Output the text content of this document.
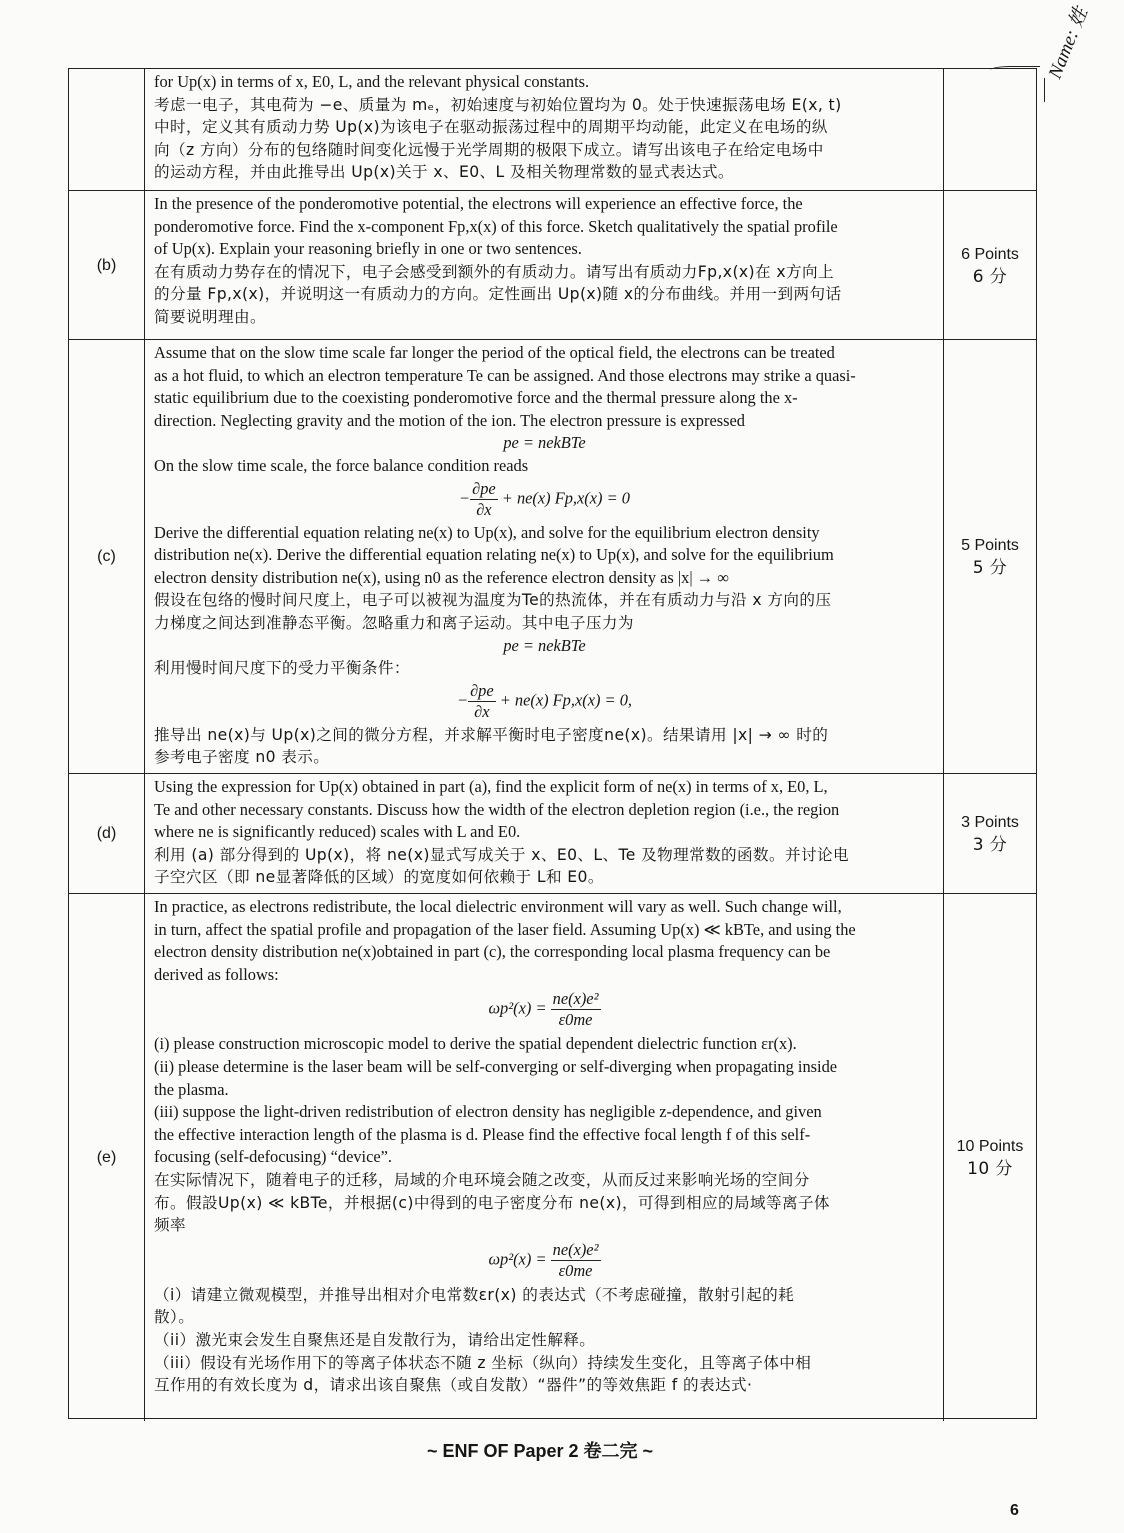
Name: 姓

for Up(x) in terms of x, E0, L, and the relevant physical constants.

考虑一电子，其电荷为 −e、质量为 mₑ，初始速度与初始位置均为 0。处于快速振荡电场 E(x, t)

中时，定义其有质动力势 Up(x)为该电子在驱动振荡过程中的周期平均动能，此定义在电场的纵

向（z 方向）分布的包络随时间变化远慢于光学周期的极限下成立。请写出该电子在给定电场中

的运动方程，并由此推导出 Up(x)关于 x、E0、L 及相关物理常数的显式表达式。

(b)

In the presence of the ponderomotive potential, the electrons will experience an effective force, the

ponderomotive force. Find the x-component Fp,x(x) of this force. Sketch qualitatively the spatial profile

of Up(x). Explain your reasoning briefly in one or two sentences.

在有质动力势存在的情况下，电子会感受到额外的有质动力。请写出有质动力Fp,x(x)在 x方向上

的分量 Fp,x(x)，并说明这一有质动力的方向。定性画出 Up(x)随 x的分布曲线。并用一到两句话

简要说明理由。

6 Points
6 分
(c)

Assume that on the slow time scale far longer the period of the optical field, the electrons can be treated

as a hot fluid, to which an electron temperature Te can be assigned. And those electrons may strike a quasi-

static equilibrium due to the coexisting ponderomotive force and the thermal pressure along the x-

direction. Neglecting gravity and the motion of the ion. The electron pressure is expressed

pe = nekBTe

On the slow time scale, the force balance condition reads

− $\frac{\partial pe}{\partial x} + ne(x) Fp,x(x) = 0$

Derive the differential equation relating ne(x) to Up(x), and solve for the equilibrium electron density

distribution ne(x). Derive the differential equation relating ne(x) to Up(x), and solve for the equilibrium

electron density distribution ne(x), using n0 as the reference electron density as |x| → ∞

假设在包络的慢时间尺度上，电子可以被视为温度为Te的热流体，并在有质动力与沿 x 方向的压

力梯度之间达到准静态平衡。忽略重力和离子运动。其中电子压力为

pe = nekBTe

利用慢时间尺度下的受力平衡条件：

− $\frac{\partial pe}{\partial x} + ne(x) Fp,x(x) = 0$,

推导出 ne(x)与 Up(x)之间的微分方程，并求解平衡时电子密度ne(x)。结果请用 |x| → ∞ 时的

参考电子密度 n0 表示。

5 Points
5 分
(d)

Using the expression for Up(x) obtained in part (a), find the explicit form of ne(x) in terms of x, E0, L,

Te and other necessary constants. Discuss how the width of the electron depletion region (i.e., the region

where ne is significantly reduced) scales with L and E0.

利用 (a) 部分得到的 Up(x)，将 ne(x)显式写成关于 x、E0、L、Te 及物理常数的函数。并讨论电

子空穴区（即 ne显著降低的区域）的宽度如何依赖于 L和 E0。

3 Points
3 分
(e)

In practice, as electrons redistribute, the local dielectric environment will vary as well. Such change will,

in turn, affect the spatial profile and propagation of the laser field. Assuming Up(x) ≪ kBTe, and using the

electron density distribution ne(x)obtained in part (c), the corresponding local plasma frequency can be

derived as follows:

$\omega p^2(x) = \frac{\text{ne(x)e²}}{\varepsilon 0me}$

(i) please construction microscopic model to derive the spatial dependent dielectric function εr(x).

(ii) please determine is the laser beam will be self-converging or self-diverging when propagating inside

the plasma.

(iii) suppose the light-driven redistribution of electron density has negligible z-dependence, and given

the effective interaction length of the plasma is d. Please find the effective focal length f of this self-

focusing (self-defocusing) “device”.

在实际情况下，随着电子的迁移，局域的介电环境会随之改变，从而反过来影响光场的空间分

布。假設Up(x) ≪ kBTe，并根据(c)中得到的电子密度分布 ne(x)，可得到相应的局域等离子体

频率

$\omega p^2(x) = \frac{\text{ne(x)e²}}{\varepsilon 0me}$

（i）请建立微观模型，并推导出相对介电常数εr(x) 的表达式（不考虑碰撞，散射引起的耗

散）。

（ii）激光束会发生自聚焦还是自发散行为，请给出定性解释。

（iii）假设有光场作用下的等离子体状态不随 z 坐标（纵向）持续发生变化，且等离子体中相

互作用的有效长度为 d，请求出该自聚焦（或自发散）“器件”的等效焦距 f 的表达式·

10 Points
10 分
~ ENF OF Paper 2 卷二完 ~
6
